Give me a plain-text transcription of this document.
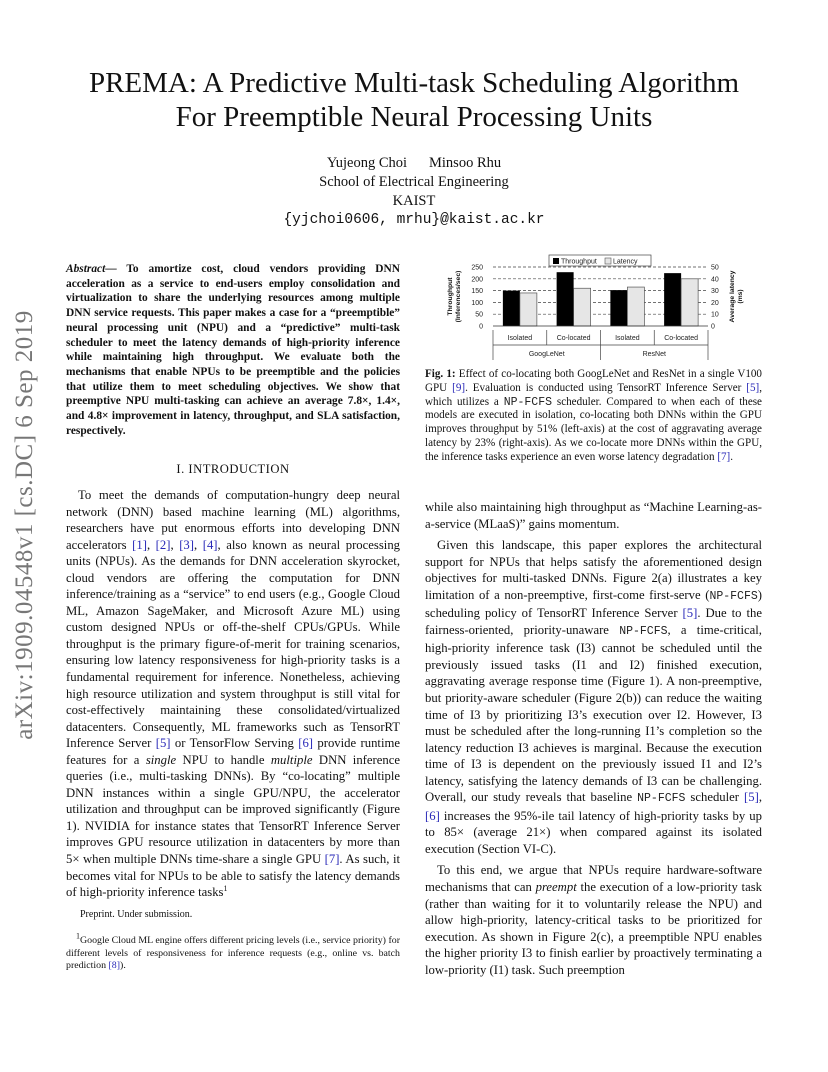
PREMA: A Predictive Multi-task Scheduling Algorithm
For Preemptible Neural Processing Units
Yujeong Choi Minsoo Rhu
School of Electrical Engineering
KAIST
{yjchoi0606, mrhu}@kaist.ac.kr
arXiv:1909.04548v1 [cs.DC] 6 Sep 2019
Abstract— To amortize cost, cloud vendors providing DNN acceleration as a service to end-users employ consolidation and virtualization to share the underlying resources among multiple DNN service requests. This paper makes a case for a “preemptible” neural processing unit (NPU) and a “predictive” multi-task scheduler to meet the latency demands of high-priority inference while maintaining high throughput. We evaluate both the mechanisms that enable NPUs to be preemptible and the policies that utilize them to meet scheduling objectives. We show that preemptive NPU multi-tasking can achieve an average 7.8×, 1.4×, and 4.8× improvement in latency, throughput, and SLA satisfaction, respectively.
I. INTRODUCTION
To meet the demands of computation-hungry deep neural network (DNN) based machine learning (ML) algorithms, researchers have put enormous efforts into developing DNN accelerators [1], [2], [3], [4], also known as neural processing units (NPUs). As the demands for DNN acceleration skyrocket, cloud vendors are offering the computation for DNN inference/training as a “service” to end users (e.g., Google Cloud ML, Amazon SageMaker, and Microsoft Azure ML) using custom designed NPUs or off-the-shelf CPUs/GPUs. While throughput is the primary figure-of-merit for training scenarios, ensuring low latency responsiveness for high-priority tasks is a fundamental requirement for inference. Nonetheless, achieving high resource utilization and system throughput is still vital for cost-effectively maintaining these consolidated/virtualized datacenters. Consequently, ML frameworks such as TensorRT Inference Server [5] or TensorFlow Serving [6] provide runtime features for a single NPU to handle multiple DNN inference queries (i.e., multi-tasking DNNs). By “co-locating” multiple DNN instances within a single GPU/NPU, the accelerator utilization and throughput can be improved significantly (Figure 1). NVIDIA for instance states that TensorRT Inference Server improves GPU resource utilization in datacenters by more than 5× when multiple DNNs time-share a single GPU [7]. As such, it becomes vital for NPUs to be able to satisfy the latency demands of high-priority inference tasks$^1$
Preprint. Under submission.
$^1$Google Cloud ML engine offers different pricing levels (i.e., service priority) for different levels of responsiveness for inference requests (e.g., online vs. batch prediction [8]).
0
50
100
150
200
250
0
10
20
30
40
50
Isolated	Co-located	Isolated	Co-located
GoogLeNet	ResNet
Throughput (Inferences/sec)	Average latency (ms)
Throughput Latency
Fig. 1: Effect of co-locating both GoogLeNet and ResNet in a single V100 GPU [9]. Evaluation is conducted using TensorRT Inference Server [5], which utilizes a NP-FCFS scheduler. Compared to when each of these models are executed in isolation, co-locating both DNNs within the GPU improves throughput by 51% (left-axis) at the cost of aggravating average latency by 23% (right-axis). As we co-locate more DNNs within the GPU, the inference tasks experience an even worse latency degradation [7].
while also maintaining high throughput as “Machine Learning-as-a-service (MLaaS)” gains momentum.
Given this landscape, this paper explores the architectural support for NPUs that helps satisfy the aforementioned design objectives for multi-tasked DNNs. Figure 2(a) illustrates a key limitation of a non-preemptive, first-come first-serve (NP-FCFS) scheduling policy of TensorRT Inference Server [5]. Due to the fairness-oriented, priority-unaware NP-FCFS, a time-critical, high-priority inference task (I3) cannot be scheduled until the previously issued tasks (I1 and I2) finished execution, aggravating average response time (Figure 1). A non-preemptive, but priority-aware scheduler (Figure 2(b)) can reduce the waiting time of I3 by prioritizing I3’s execution over I2. However, I3 must be scheduled after the long-running I1’s completion so the latency reduction I3 achieves is marginal. Because the execution time of I3 is dependent on the previously issued I1 and I2’s latency, satisfying the latency demands of I3 can be challenging. Overall, our study reveals that baseline NP-FCFS scheduler [5], [6] increases the 95%-ile tail latency of high-priority tasks by up to 85× (average 21×) when compared against its isolated execution (Section VI-C).
To this end, we argue that NPUs require hardware-software mechanisms that can preempt the execution of a low-priority task (rather than waiting for it to voluntarily release the NPU) and allow high-priority, latency-critical tasks to be prioritized for execution. As shown in Figure 2(c), a preemptible NPU enables the higher priority I3 to finish earlier by proactively terminating a low-priority (I1) task. Such preemption
